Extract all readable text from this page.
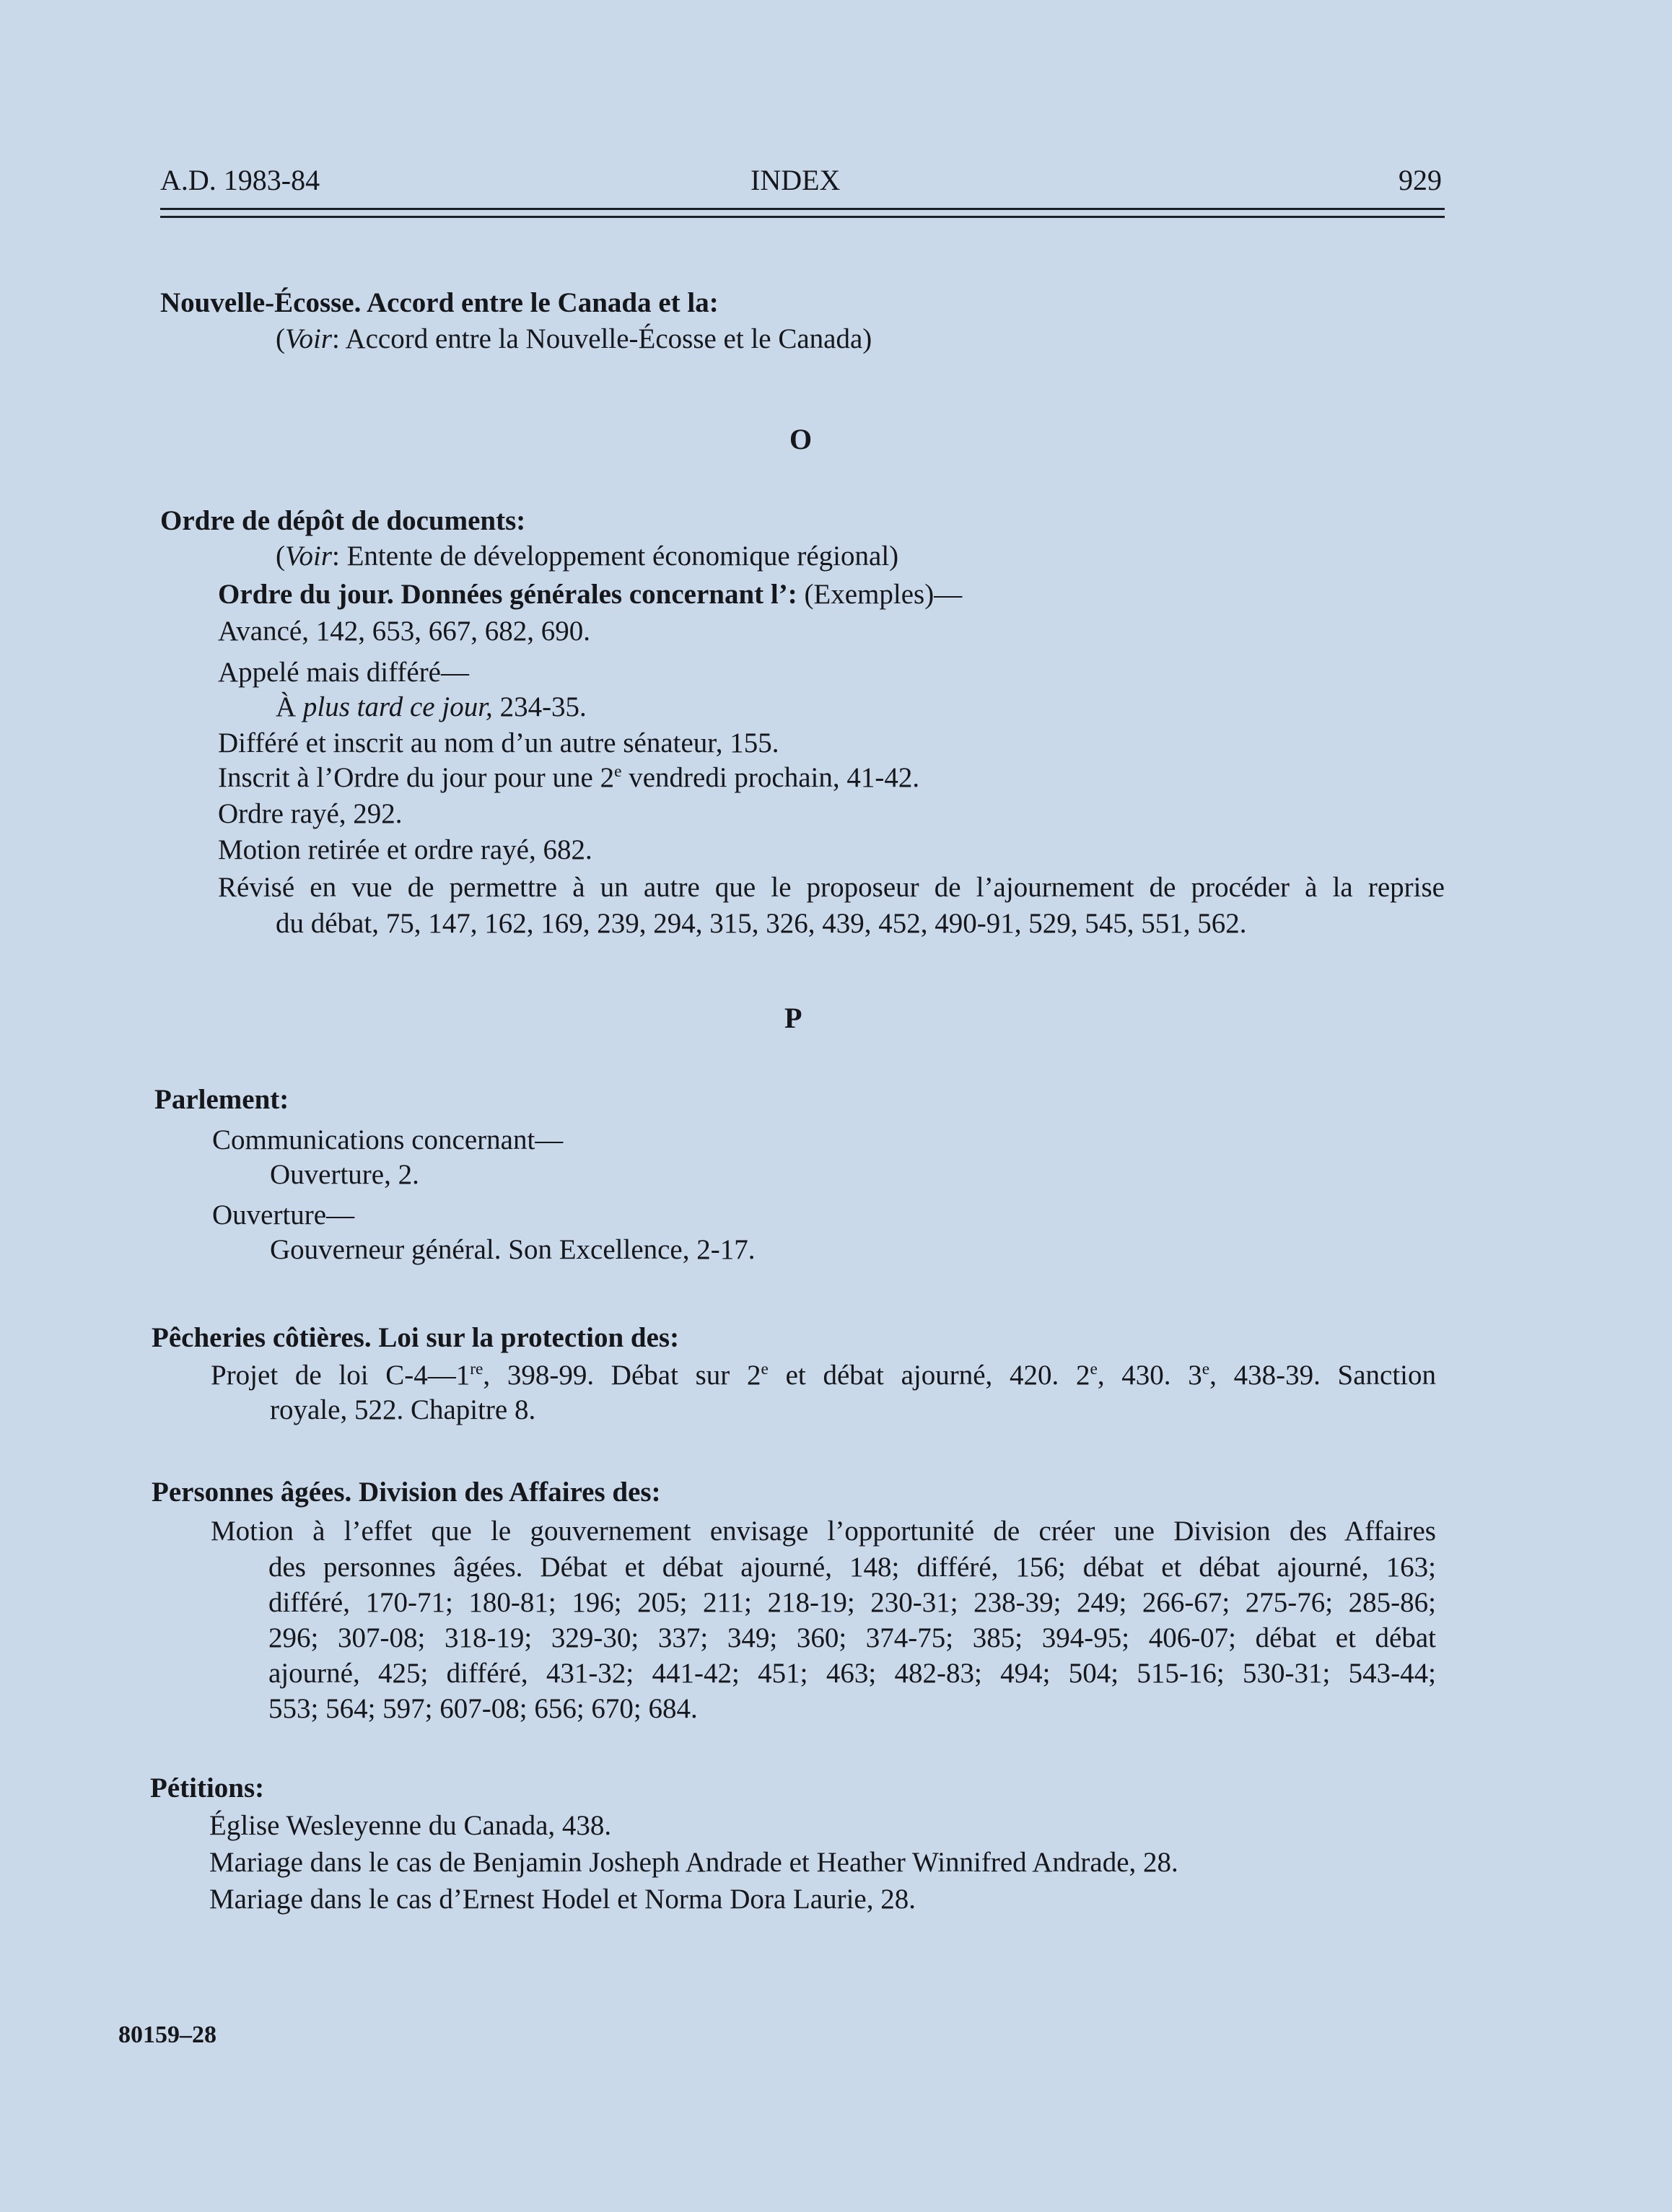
A.D. 1983-84	INDEX	929
Nouvelle-Écosse. Accord entre le Canada et la:
(Voir: Accord entre la Nouvelle-Écosse et le Canada)
O
Ordre de dépôt de documents:
(Voir: Entente de développement économique régional)
Ordre du jour. Données générales concernant l’: (Exemples)—
Avancé, 142, 653, 667, 682, 690.
Appelé mais différé—
À plus tard ce jour, 234-35.
Différé et inscrit au nom d’un autre sénateur, 155.
Inscrit à l’Ordre du jour pour une 2e vendredi prochain, 41-42.
Ordre rayé, 292.
Motion retirée et ordre rayé, 682.
Révisé en vue de permettre à un autre que le proposeur de l’ajournement de procéder à la reprise
du débat, 75, 147, 162, 169, 239, 294, 315, 326, 439, 452, 490-91, 529, 545, 551, 562.
P
Parlement:
Communications concernant—
Ouverture, 2.
Ouverture—
Gouverneur général. Son Excellence, 2-17.
Pêcheries côtières. Loi sur la protection des:
Projet de loi C-4—1re, 398-99. Débat sur 2e et débat ajourné, 420. 2e, 430. 3e, 438-39. Sanction
royale, 522. Chapitre 8.
Personnes âgées. Division des Affaires des:
Motion à l’effet que le gouvernement envisage l’opportunité de créer une Division des Affaires
des personnes âgées. Débat et débat ajourné, 148; différé, 156; débat et débat ajourné, 163;
différé, 170-71; 180-81; 196; 205; 211; 218-19; 230-31; 238-39; 249; 266-67; 275-76; 285-86;
296; 307-08; 318-19; 329-30; 337; 349; 360; 374-75; 385; 394-95; 406-07; débat et débat
ajourné, 425; différé, 431-32; 441-42; 451; 463; 482-83; 494; 504; 515-16; 530-31; 543-44;
553; 564; 597; 607-08; 656; 670; 684.
Pétitions:
Église Wesleyenne du Canada, 438.
Mariage dans le cas de Benjamin Josheph Andrade et Heather Winnifred Andrade, 28.
Mariage dans le cas d’Ernest Hodel et Norma Dora Laurie, 28.
80159–28
